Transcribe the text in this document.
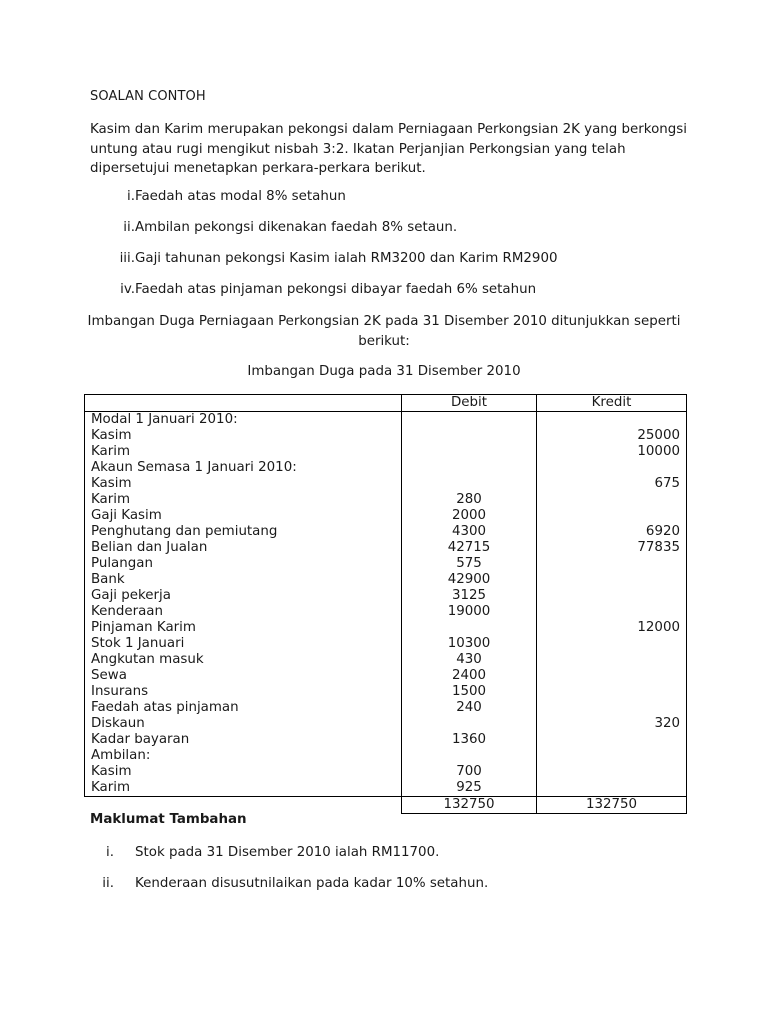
SOALAN CONTOH
Kasim dan Karim merupakan pekongsi dalam Perniagaan Perkongsian 2K yang berkongsi untung atau rugi mengikut nisbah 3:2. Ikatan Perjanjian Perkongsian yang telah dipersetujui menetapkan perkara-perkara berikut.
i. Faedah atas modal 8% setahun
ii. Ambilan pekongsi dikenakan faedah 8% setaun.
iii. Gaji tahunan pekongsi Kasim ialah RM3200 dan Karim RM2900
iv. Faedah atas pinjaman pekongsi dibayar faedah 6% setahun
Imbangan Duga Perniagaan Perkongsian 2K pada 31 Disember 2010 ditunjukkan seperti berikut:
Imbangan Duga pada 31 Disember 2010
	Debit	Kredit
Modal 1 Januari 2010:		
Kasim		25000
Karim		10000
Akaun Semasa 1 Januari 2010:		
Kasim		675
Karim	280	
Gaji Kasim	2000	
Penghutang dan pemiutang	4300	6920
Belian dan Jualan	42715	77835
Pulangan	575	
Bank	42900	
Gaji pekerja	3125	
Kenderaan	19000	
Pinjaman Karim		12000
Stok 1 Januari	10300	
Angkutan masuk	430	
Sewa	2400	
Insurans	1500	
Faedah atas pinjaman	240	
Diskaun		320
Kadar bayaran	1360	
Ambilan:		
Kasim	700	
Karim	925	
	132750	132750
Maklumat Tambahan
i. Stok pada 31 Disember 2010 ialah RM11700.
ii. Kenderaan disusutnilaikan pada kadar 10% setahun.
